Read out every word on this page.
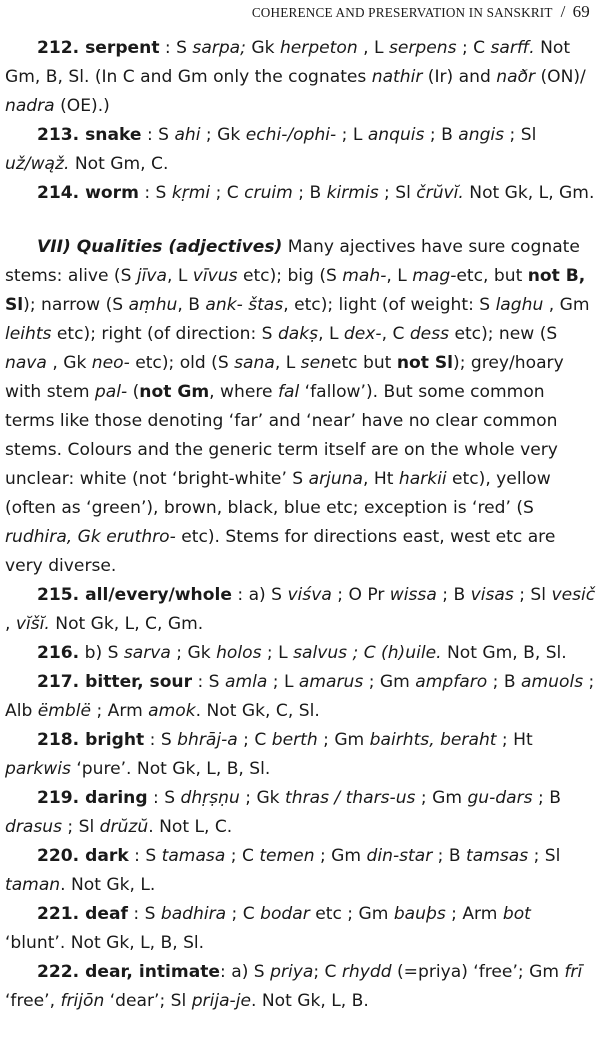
COHERENCE AND PRESERVATION IN SANSKRIT / 69

212. serpent : S sarpa; Gk herpeton , L serpens ; C sarff. Not Gm, B, Sl. (In C and Gm only the cognates nathir (Ir) and naðr (ON)/ nadra (OE).)

213. snake : S ahi ; Gk echi-/ophi- ; L anquis ; B angis ; Sl už/wąž. Not Gm, C.

214. worm : S kṛmi ; C cruim ; B kirmis ; Sl črŭvĭ. Not Gk, L, Gm.

VII) Qualities (adjectives) Many ajectives have sure cognate stems: alive (S jīva, L vīvus etc); big (S mah-, L mag-etc, but not B, Sl); narrow (S aṃhu, B ank- štas, etc); light (of weight: S laghu , Gm leihts etc); right (of direction: S dakṣ, L dex-, C dess etc); new (S nava , Gk neo- etc); old (S sana, L senetc but not Sl); grey/hoary with stem pal- (not Gm, where fal ‘fallow’). But some common terms like those denoting ‘far’ and ‘near’ have no clear common stems. Colours and the generic term itself are on the whole very unclear: white (not ‘bright-white’ S arjuna, Ht harkii etc), yellow (often as ‘green’), brown, black, blue etc; exception is ‘red’ (S rudhira, Gk eruthro- etc). Stems for directions east, west etc are very diverse.

215. all/every/whole : a) S viśva ; O Pr wissa ; B visas ; Sl vesič , vĭšĭ. Not Gk, L, C, Gm.

216. b) S sarva ; Gk holos ; L salvus ; C (h)uile. Not Gm, B, Sl.

217. bitter, sour : S amla ; L amarus ; Gm ampfaro ; B amuols ; Alb ëmblë ; Arm amok. Not Gk, C, Sl.

218. bright : S bhrāj-a ; C berth ; Gm bairhts, beraht ; Ht parkwis ‘pure’. Not Gk, L, B, Sl.

219. daring : S dhṛṣṇu ; Gk thras / thars-us ; Gm gu-dars ; B drasus ; Sl drŭzŭ. Not L, C.

220. dark : S tamasa ; C temen ; Gm din-star ; B tamsas ; Sl taman. Not Gk, L.

221. deaf : S badhira ; C bodar etc ; Gm bauþs ; Arm bot ‘blunt’. Not Gk, L, B, Sl.

222. dear, intimate: a) S priya; C rhydd (=priya) ‘free’; Gm frī ‘free’, frijōn ‘dear’; Sl prija-je. Not Gk, L, B.
